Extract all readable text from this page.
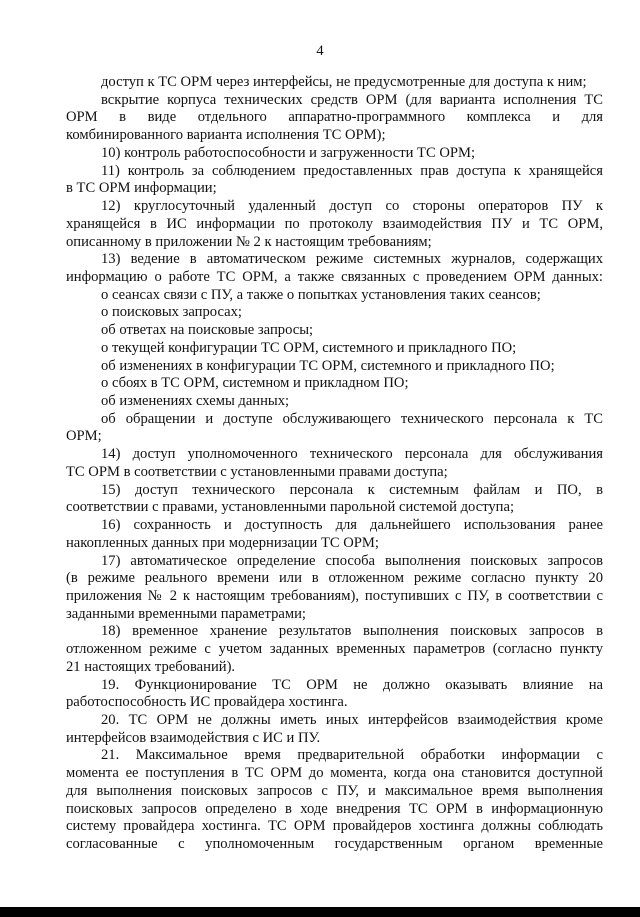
4
доступ к ТС ОРМ через интерфейсы, не предусмотренные для доступа к ним;
вскрытие корпуса технических средств ОРМ (для варианта исполнения ТС
ОРМ в виде отдельного аппаратно-программного комплекса и для
комбинированного варианта исполнения ТС ОРМ);
10) контроль работоспособности и загруженности ТС ОРМ;
11) контроль за соблюдением предоставленных прав доступа к хранящейся
в ТС ОРМ информации;
12) круглосуточный удаленный доступ со стороны операторов ПУ к
хранящейся в ИС информации по протоколу взаимодействия ПУ и ТС ОРМ,
описанному в приложении № 2 к настоящим требованиям;
13) ведение в автоматическом режиме системных журналов, содержащих
информацию о работе ТС ОРМ, а также связанных с проведением ОРМ данных:
о сеансах связи с ПУ, а также о попытках установления таких сеансов;
о поисковых запросах;
об ответах на поисковые запросы;
о текущей конфигурации ТС ОРМ, системного и прикладного ПО;
об изменениях в конфигурации ТС ОРМ, системного и прикладного ПО;
о сбоях в ТС ОРМ, системном и прикладном ПО;
об изменениях схемы данных;
об обращении и доступе обслуживающего технического персонала к ТС
ОРМ;
14) доступ уполномоченного технического персонала для обслуживания
ТС ОРМ в соответствии с установленными правами доступа;
15) доступ технического персонала к системным файлам и ПО, в
соответствии с правами, установленными парольной системой доступа;
16) сохранность и доступность для дальнейшего использования ранее
накопленных данных при модернизации ТС ОРМ;
17) автоматическое определение способа выполнения поисковых запросов
(в режиме реального времени или в отложенном режиме согласно пункту 20
приложения № 2 к настоящим требованиям), поступивших с ПУ, в соответствии с
заданными временными параметрами;
18) временное хранение результатов выполнения поисковых запросов в
отложенном режиме с учетом заданных временных параметров (согласно пункту
21 настоящих требований).
19. Функционирование ТС ОРМ не должно оказывать влияние на
работоспособность ИС провайдера хостинга.
20. ТС ОРМ не должны иметь иных интерфейсов взаимодействия кроме
интерфейсов взаимодействия с ИС и ПУ.
21. Максимальное время предварительной обработки информации с
момента ее поступления в ТС ОРМ до момента, когда она становится доступной
для выполнения поисковых запросов с ПУ, и максимальное время выполнения
поисковых запросов определено в ходе внедрения ТС ОРМ в информационную
систему провайдера хостинга. ТС ОРМ провайдеров хостинга должны соблюдать
согласованные с уполномоченным государственным органом временные
